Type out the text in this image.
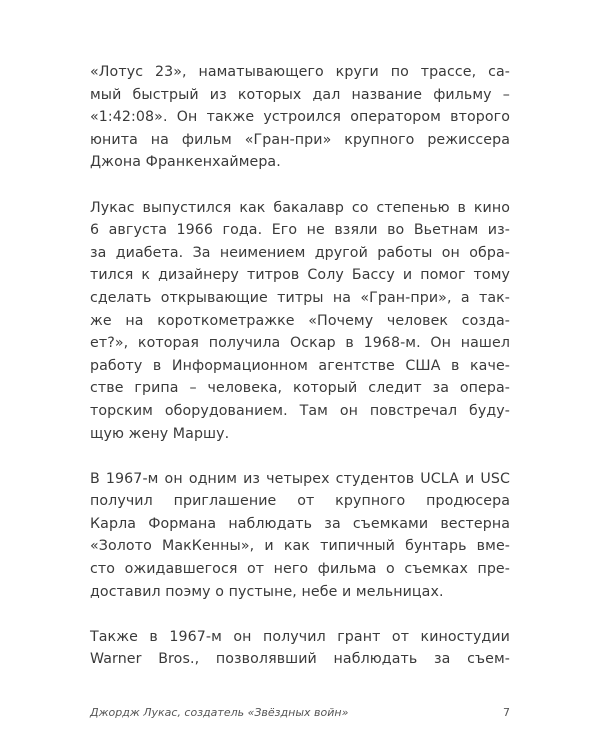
«Лотус 23», наматывающего круги по трассе, са-
мый быстрый из которых дал название фильму –
«1:42:08». Он также устроился оператором второго
юнита на фильм «Гран-при» крупного режиссера
Джона Франкенхаймера.
Лукас выпустился как бакалавр со степенью в кино
6 августа 1966 года. Его не взяли во Вьетнам из-
за диабета. За неимением другой работы он обра-
тился к дизайнеру титров Солу Бассу и помог тому
сделать открывающие титры на «Гран-при», а так-
же на короткометражке «Почему человек созда-
ет?», которая получила Оскар в 1968-м. Он нашел
работу в Информационном агентстве США в каче-
стве грипа – человека, который следит за опера-
торским оборудованием. Там он повстречал буду-
щую жену Маршу.
В 1967-м он одним из четырех студентов UCLA и USC
получил приглашение от крупного продюсера
Карла Формана наблюдать за съемками вестерна
«Золото МакКенны», и как типичный бунтарь вме-
сто ожидавшегося от него фильма о съемках пре-
доставил поэму о пустыне, небе и мельницах.
Также в 1967-м он получил грант от киностудии
Warner Bros., позволявший наблюдать за съем-
Джордж Лукас, создатель «Звёздных войн»	7
